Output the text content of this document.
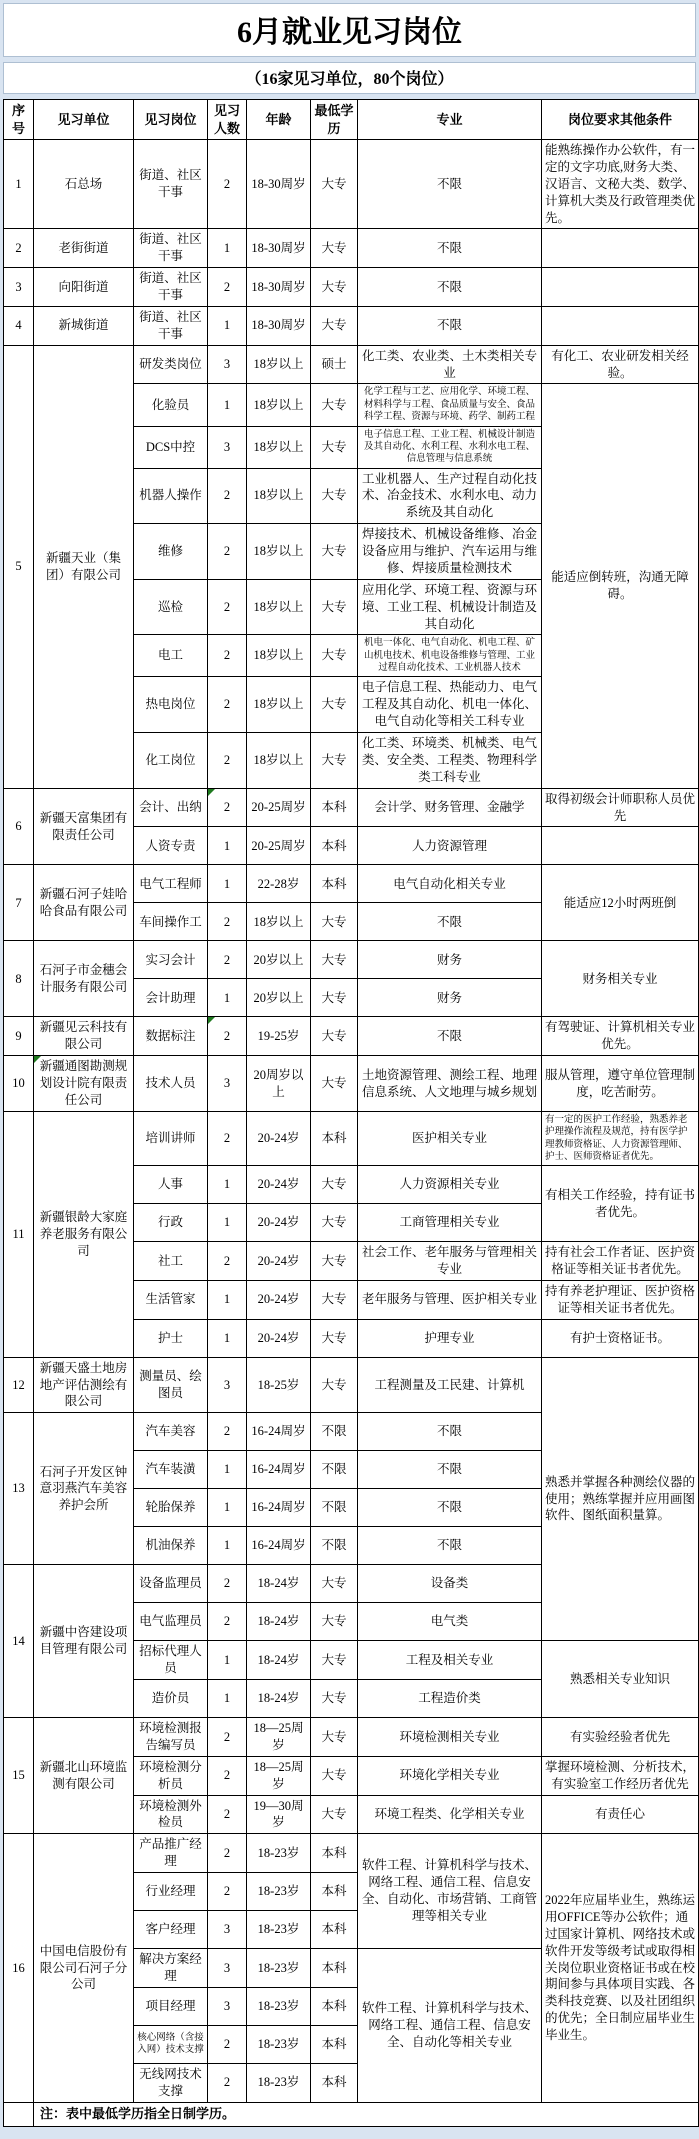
6月就业见习岗位
（16家见习单位，80个岗位）
序号	见习单位	见习岗位	见习人数	年龄	最低学历	专业	岗位要求其他条件
1	石总场	街道、社区干事	2	18-30周岁	大专	不限	能熟练操作办公软件，有一定的文字功底,财务大类、汉语言、文秘大类、数学、计算机大类及行政管理类优先。
2	老街街道	街道、社区干事	1	18-30周岁	大专	不限	
3	向阳街道	街道、社区干事	2	18-30周岁	大专	不限	
4	新城街道	街道、社区干事	1	18-30周岁	大专	不限	
5	新疆天业（集团）有限公司	研发类岗位	3	18岁以上	硕士	化工类、农业类、土木类相关专业	有化工、农业研发相关经验。
		化验员	1	18岁以上	大专	化学工程与工艺、应用化学、环境工程、材料科学与工程、食品质量与安全、食品科学工程、资源与环境、药学、制药工程	能适应倒转班，沟通无障碍。
		DCS中控	3	18岁以上	大专	电子信息工程、工业工程、机械设计制造及其自动化、水利工程、水利水电工程、信息管理与信息系统	
		机器人操作	2	18岁以上	大专	工业机器人、生产过程自动化技术、冶金技术、水利水电、动力系统及其自动化	
		维修	2	18岁以上	大专	焊接技术、机械设备维修、冶金设备应用与维护、汽车运用与维修、焊接质量检测技术	
		巡检	2	18岁以上	大专	应用化学、环境工程、资源与环境、工业工程、机械设计制造及其自动化	
		电工	2	18岁以上	大专	机电一体化、电气自动化、机电工程、矿山机电技术、机电设备维修与管理、工业过程自动化技术、工业机器人技术	
		热电岗位	2	18岁以上	大专	电子信息工程、热能动力、电气工程及其自动化、机电一体化、电气自动化等相关工科专业	
		化工岗位	2	18岁以上	大专	化工类、环境类、机械类、电气类、安全类、工程类、物理科学类工科专业	
6	新疆天富集团有限责任公司	会计、出纳	2	20-25周岁	本科	会计学、财务管理、金融学	取得初级会计师职称人员优先
		人资专责	1	20-25周岁	本科	人力资源管理	
7	新疆石河子娃哈哈食品有限公司	电气工程师	1	22-28岁	本科	电气自动化相关专业	能适应12小时两班倒
		车间操作工	2	18岁以上	大专	不限	
8	石河子市金穗会计服务有限公司	实习会计	2	20岁以上	大专	财务	财务相关专业
		会计助理	1	20岁以上	大专	财务	
9	新疆见云科技有限公司	数据标注	2	19-25岁	大专	不限	有驾驶证、计算机相关专业优先。
10	新疆通图勘测规划设计院有限责任公司	技术人员	3	20周岁以上	大专	土地资源管理、测绘工程、地理信息系统、人文地理与城乡规划	服从管理，遵守单位管理制度，吃苦耐劳。
11	新疆银龄大家庭养老服务有限公司	培训讲师	2	20-24岁	本科	医护相关专业	有一定的医护工作经验，熟悉养老护理操作流程及规范，持有医学护理教师资格证、人力资源管理师、护士、医师资格证者优先。
		人事	1	20-24岁	大专	人力资源相关专业	有相关工作经验，持有证书者优先。
		行政	1	20-24岁	大专	工商管理相关专业	
		社工	2	20-24岁	大专	社会工作、老年服务与管理相关专业	持有社会工作者证、医护资格证等相关证书者优先。
		生活管家	1	20-24岁	大专	老年服务与管理、医护相关专业	持有养老护理证、医护资格证等相关证书者优先。
		护士	1	20-24岁	大专	护理专业	有护士资格证书。
12	新疆天盛土地房地产评估测绘有限公司	测量员、绘图员	3	18-25岁	大专	工程测量及工民建、计算机	熟悉并掌握各种测绘仪器的使用；熟练掌握并应用画图软件、图纸面积量算。
13	石河子开发区钟意羽燕汽车美容养护会所	汽车美容	2	16-24周岁	不限	不限	
		汽车装潢	1	16-24周岁	不限	不限	
		轮胎保养	1	16-24周岁	不限	不限	
		机油保养	1	16-24周岁	不限	不限	
14	新疆中咨建设项目管理有限公司	设备监理员	2	18-24岁	大专	设备类	
		电气监理员	2	18-24岁	大专	电气类	
		招标代理人员	1	18-24岁	大专	工程及相关专业	熟悉相关专业知识
		造价员	1	18-24岁	大专	工程造价类	
15	新疆北山环境监测有限公司	环境检测报告编写员	2	18—25周岁	大专	环境检测相关专业	有实验经验者优先
		环境检测分析员	2	18—25周岁	大专	环境化学相关专业	掌握环境检测、分析技术，有实验室工作经历者优先
		环境检测外检员	2	19—30周岁	大专	环境工程类、化学相关专业	有责任心
16	中国电信股份有限公司石河子分公司	产品推广经理	2	18-23岁	本科	软件工程、计算机科学与技术、网络工程、通信工程、信息安全、自动化、市场营销、工商管理等相关专业	2022年应届毕业生，熟练运用OFFICE等办公软件；通过国家计算机、网络技术或软件开发等级考试或取得相关岗位职业资格证书或在校期间参与具体项目实践、各类科技竞赛、以及社团组织的优先；全日制应届毕业生毕业生。
		行业经理	2	18-23岁	本科		
		客户经理	3	18-23岁	本科		
		解决方案经理	3	18-23岁	本科	软件工程、计算机科学与技术、网络工程、通信工程、信息安全、自动化等相关专业	
		项目经理	3	18-23岁	本科		
		核心网络（含接入网）技术支撑	2	18-23岁	本科		
		无线网技术支撑	2	18-23岁	本科		
	注：表中最低学历指全日制学历。						
